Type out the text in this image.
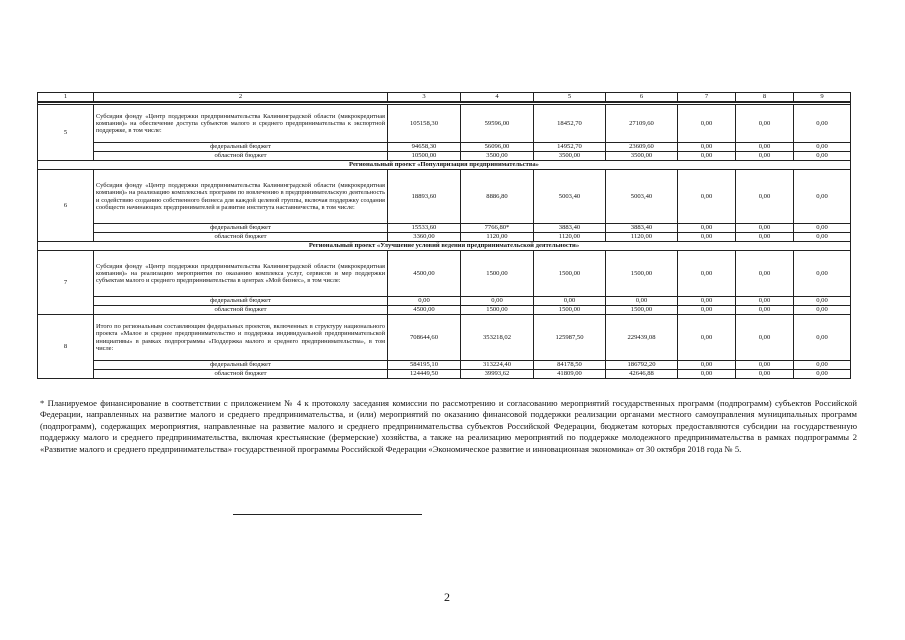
1	2	3	4	5	6	7	8	9

5	Субсидия фонду «Центр поддержки предпринимательства Калининградской области (микрокредитная компания)» на обеспечение доступа субъектов малого и среднего предпринимательства к экспортной поддержке, в том числе:	105158,30	59596,00	18452,70	27109,60	0,00	0,00	0,00
	федеральный бюджет	94658,30	56096,00	14952,70	23609,60	0,00	0,00	0,00
	областной бюджет	10500,00	3500,00	3500,00	3500,00	0,00	0,00	0,00
Региональный проект «Популяризация предпринимательства»								
6	Субсидия фонду «Центр поддержки предпринимательства Калининградской области (микрокредитная компания)» на реализацию комплексных программ по вовлечению в предпринимательскую деятельность и содействию созданию собственного бизнеса для каждой целевой группы, включая поддержку создания сообществ начинающих предпринимателей и развитие института наставничества, в том числе:	18893,60	8886,80	5003,40	5003,40	0,00	0,00	0,00
	федеральный бюджет	15533,60	7766,80*	3883,40	3883,40	0,00	0,00	0,00
	областной бюджет	3360,00	1120,00	1120,00	1120,00	0,00	0,00	0,00
Региональный проект «Улучшение условий ведения предпринимательской деятельности»								
7	Субсидия фонду «Центр поддержки предпринимательства Калининградской области (микрокредитная компания)» на реализацию мероприятия по оказанию комплекса услуг, сервисов и мер поддержки субъектам малого и среднего предпринимательства в центрах «Мой бизнес», в том числе:	4500,00	1500,00	1500,00	1500,00	0,00	0,00	0,00
	федеральный бюджет	0,00	0,00	0,00	0,00	0,00	0,00	0,00
	областной бюджет	4500,00	1500,00	1500,00	1500,00	0,00	0,00	0,00
8	Итого по региональным составляющим федеральных проектов, включенных в структуру национального проекта «Малое и среднее предпринимательство и поддержка индивидуальной предпринимательской инициативы» в рамках подпрограммы «Поддержка малого и среднего предпринимательства», в том числе:	708644,60	353218,02	125987,50	229439,08	0,00	0,00	0,00
	федеральный бюджет	584195,10	313224,40	84178,50	186792,20	0,00	0,00	0,00
	областной бюджет	124449,50	39993,62	41809,00	42646,88	0,00	0,00	0,00

* Планируемое финансирование в соответствии с приложением № 4 к протоколу заседания комиссии по рассмотрению и согласованию мероприятий государственных программ (подпрограмм) субъектов Российской Федерации, направленных на развитие малого и среднего предпринимательства, и (или) мероприятий по оказанию финансовой поддержки реализации органами местного самоуправления муниципальных программ (подпрограмм), содержащих мероприятия, направленные на развитие малого и среднего предпринимательства субъектов Российской Федерации, бюджетам которых предоставляются субсидии на государственную поддержку малого и среднего предпринимательства, включая крестьянские (фермерские) хозяйства, а также на реализацию мероприятий по поддержке молодежного предпринимательства в рамках подпрограммы 2 «Развитие малого и среднего предпринимательства» государственной программы Российской Федерации «Экономическое развитие и инновационная экономика» от 30 октября 2018 года № 5.

2
